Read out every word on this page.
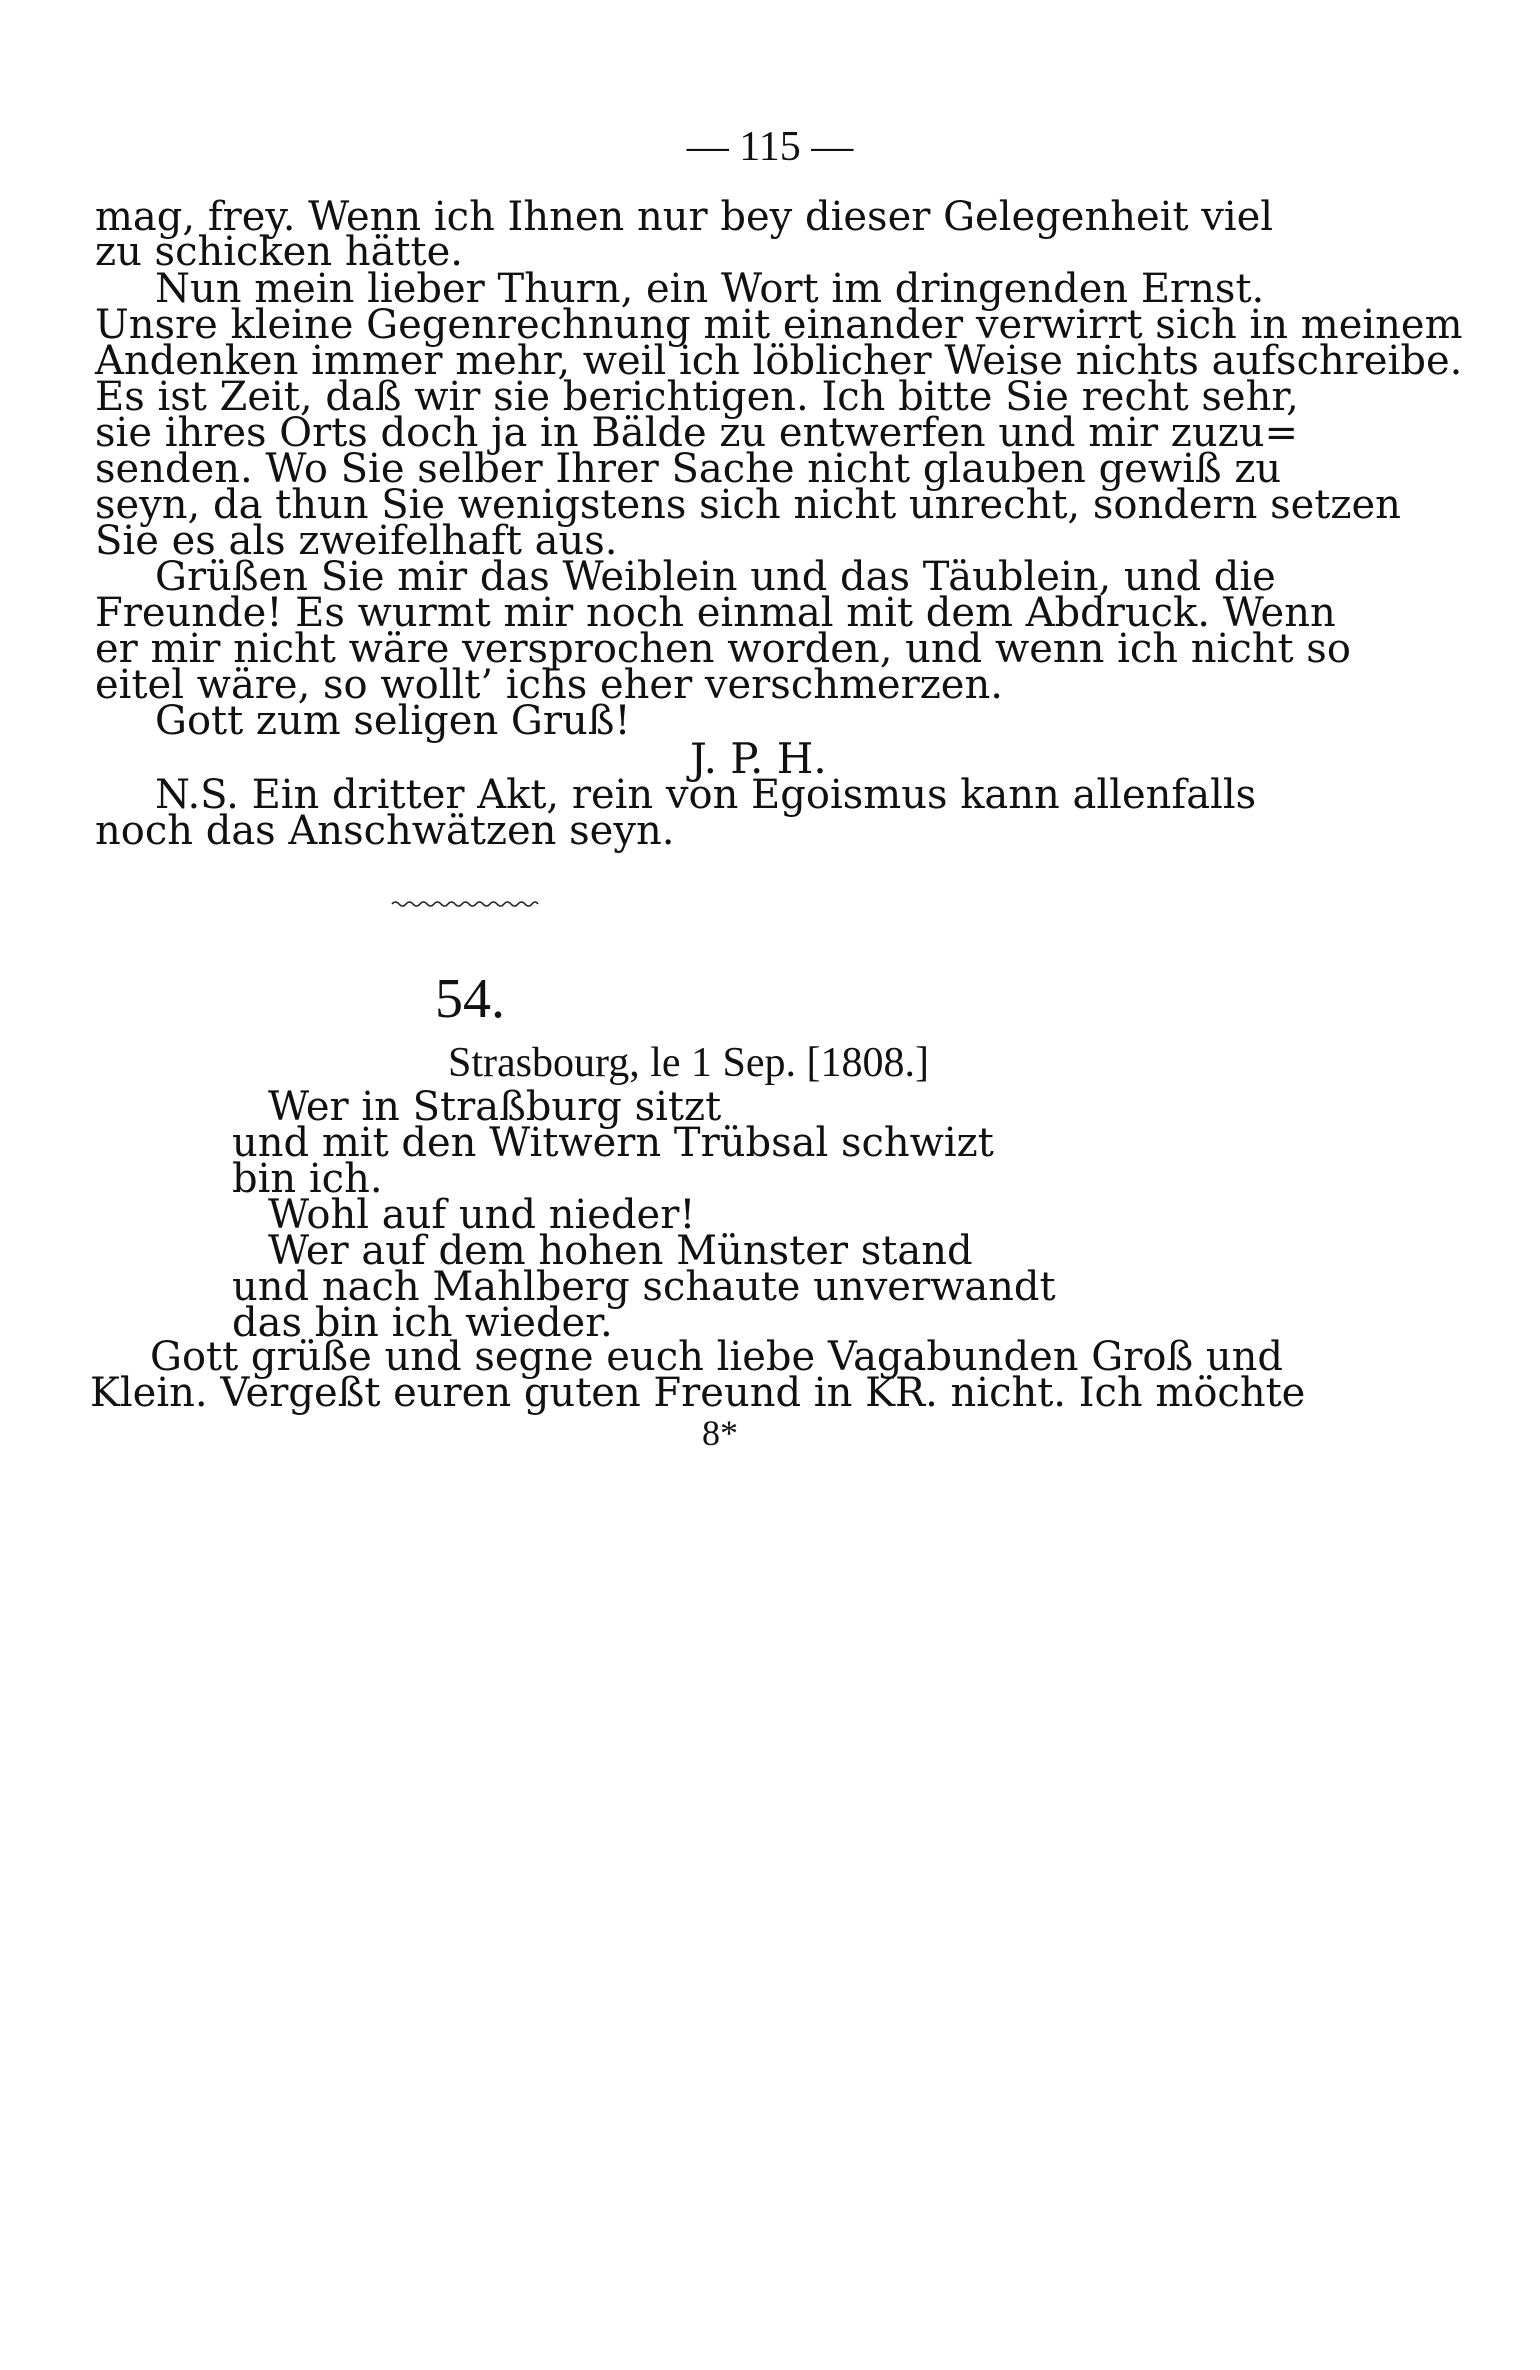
— 115 —
mag, frey. Wenn ich Ihnen nur bey dieser Gelegenheit viel
zu schicken hätte.
Nun mein lieber Thurn, ein Wort im dringenden Ernst.
Unsre kleine Gegenrechnung mit einander verwirrt sich in meinem
Andenken immer mehr, weil ich löblicher Weise nichts aufschreibe.
Es ist Zeit, daß wir sie berichtigen. Ich bitte Sie recht sehr,
sie ihres Orts doch ja in Bälde zu entwerfen und mir zuzu=
senden. Wo Sie selber Ihrer Sache nicht glauben gewiß zu
seyn, da thun Sie wenigstens sich nicht unrecht, sondern setzen
Sie es als zweifelhaft aus.
Grüßen Sie mir das Weiblein und das Täublein, und die
Freunde! Es wurmt mir noch einmal mit dem Abdruck. Wenn
er mir nicht wäre versprochen worden, und wenn ich nicht so
eitel wäre, so wollt’ ichs eher verschmerzen.
Gott zum seligen Gruß!
J. P. H.
N.S. Ein dritter Akt, rein von Egoismus kann allenfalls
noch das Anschwätzen seyn.
54.
Strasbourg, le 1 Sep. [1808.]
Wer in Straßburg sitzt
und mit den Witwern Trübsal schwizt
bin ich.
Wohl auf und nieder!
Wer auf dem hohen Münster stand
und nach Mahlberg schaute unverwandt
das bin ich wieder.
Gott grüße und segne euch liebe Vagabunden Groß und
Klein. Vergeßt euren guten Freund in KR. nicht. Ich möchte
8*
